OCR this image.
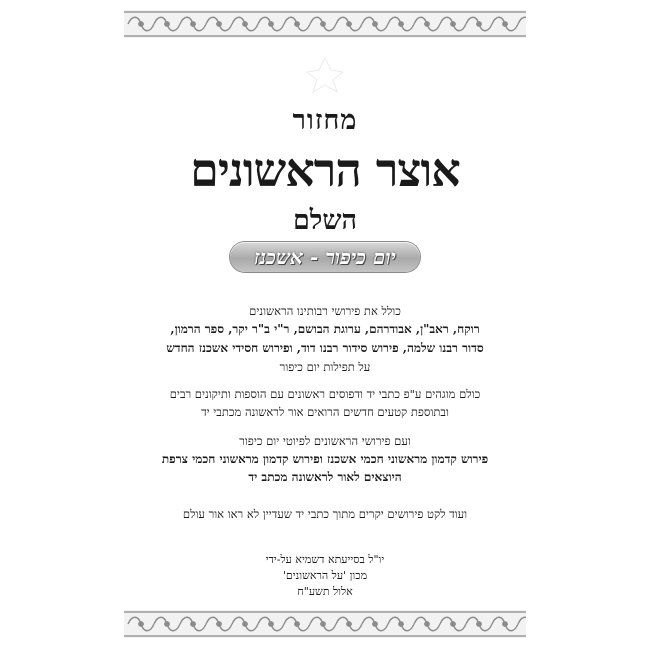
מחזור
אוצר הראשונים
השלם
יום כיפור - אשכנז
כולל את פירושי רבותינו הראשונים
רוקח, ראב"ן, אבודרהם, ערוגת הבושם, ר"י ב"ר יקר, ספר הרמון,
סדור רבנו שלמה, פירוש סידור רבנו דוד, ופירוש חסידי אשכנז החדש
על תפילות יום כיפור
כולם מוגהים ע"פ כתבי יד ודפוסים ראשונים עם הוספות ותיקונים רבים
ובתוספת קטעים חדשים הרואים אור לראשונה מכתבי יד
ועם פירושי הראשונים לפיוטי יום כיפור
פירוש קדמון מראשוני חכמי אשכנז ופירוש קדמון מראשוני חכמי צרפת
היוצאים לאור לראשונה מכתב יד
ועוד לקט פירושים יקרים מתוך כתבי יד שעדיין לא ראו אור עולם
יו"ל בסייעתא דשמיא על-ידי
מכון 'על הראשונים'
אלול תשע"ח
